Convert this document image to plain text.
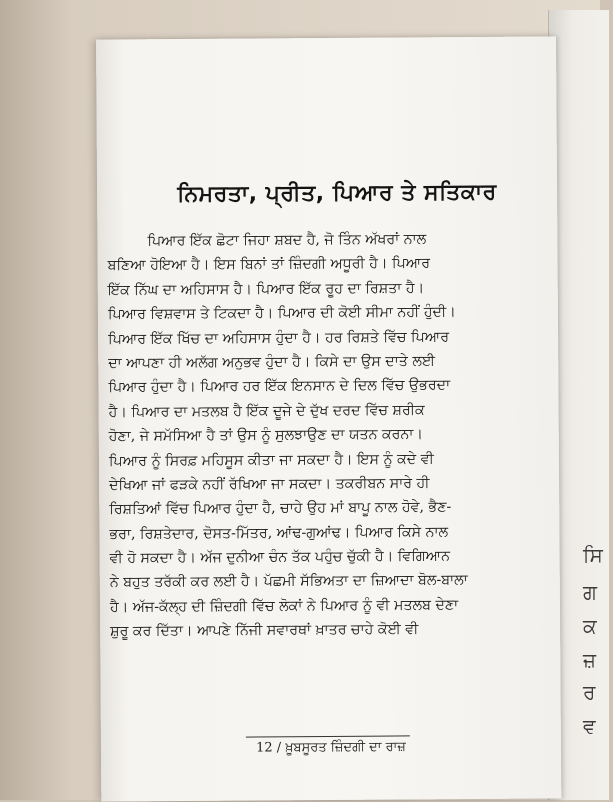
ਸਿ
ਗ
ਕ
ਜ਼
ਰ
ਵ
ਨਿਮਰਤਾ, ਪ੍ਰੀਤ, ਪਿਆਰ ਤੇ ਸਤਿਕਾਰ
ਪਿਆਰ ਇੱਕ ਛੋਟਾ ਜਿਹਾ ਸ਼ਬਦ ਹੈ, ਜੋ ਤਿੰਨ ਅੱਖਰਾਂ ਨਾਲ
ਬਣਿਆ ਹੋਇਆ ਹੈ। ਇਸ ਬਿਨਾਂ ਤਾਂ ਜ਼ਿੰਦਗੀ ਅਧੂਰੀ ਹੈ। ਪਿਆਰ
ਇੱਕ ਨਿੱਘ ਦਾ ਅਹਿਸਾਸ ਹੈ। ਪਿਆਰ ਇੱਕ ਰੂਹ ਦਾ ਰਿਸ਼ਤਾ ਹੈ।
ਪਿਆਰ ਵਿਸ਼ਵਾਸ ਤੇ ਟਿਕਦਾ ਹੈ। ਪਿਆਰ ਦੀ ਕੋਈ ਸੀਮਾ ਨਹੀਂ ਹੁੰਦੀ।
ਪਿਆਰ ਇੱਕ ਖਿੱਚ ਦਾ ਅਹਿਸਾਸ ਹੁੰਦਾ ਹੈ। ਹਰ ਰਿਸ਼ਤੇ ਵਿੱਚ ਪਿਆਰ
ਦਾ ਆਪਣਾ ਹੀ ਅਲੱਗ ਅਨੁਭਵ ਹੁੰਦਾ ਹੈ। ਕਿਸੇ ਦਾ ਉਸ ਦਾਤੇ ਲਈ
ਪਿਆਰ ਹੁੰਦਾ ਹੈ। ਪਿਆਰ ਹਰ ਇੱਕ ਇਨਸਾਨ ਦੇ ਦਿਲ ਵਿੱਚ ਉਭਰਦਾ
ਹੈ। ਪਿਆਰ ਦਾ ਮਤਲਬ ਹੈ ਇੱਕ ਦੂਜੇ ਦੇ ਦੁੱਖ ਦਰਦ ਵਿੱਚ ਸ਼ਰੀਕ
ਹੋਣਾ, ਜੇ ਸਮੱਸਿਆ ਹੈ ਤਾਂ ਉਸ ਨੂੰ ਸੁਲਝਾਉਣ ਦਾ ਯਤਨ ਕਰਨਾ।
ਪਿਆਰ ਨੂੰ ਸਿਰਫ਼ ਮਹਿਸੂਸ ਕੀਤਾ ਜਾ ਸਕਦਾ ਹੈ। ਇਸ ਨੂੰ ਕਦੇ ਵੀ
ਦੇਖਿਆ ਜਾਂ ਫੜਕੇ ਨਹੀਂ ਰੱਖਿਆ ਜਾ ਸਕਦਾ। ਤਕਰੀਬਨ ਸਾਰੇ ਹੀ
ਰਿਸ਼ਤਿਆਂ ਵਿੱਚ ਪਿਆਰ ਹੁੰਦਾ ਹੈ, ਚਾਹੇ ਉਹ ਮਾਂ ਬਾਪੂ ਨਾਲ ਹੋਵੇ, ਭੈਣ-
ਭਰਾ, ਰਿਸ਼ਤੇਦਾਰ, ਦੋਸਤ-ਮਿੱਤਰ, ਆਂਢ-ਗੁਆਂਢ। ਪਿਆਰ ਕਿਸੇ ਨਾਲ
ਵੀ ਹੋ ਸਕਦਾ ਹੈ। ਅੱਜ ਦੁਨੀਆ ਚੰਨ ਤੱਕ ਪਹੁੰਚ ਚੁੱਕੀ ਹੈ। ਵਿਗਿਆਨ
ਨੇ ਬਹੁਤ ਤਰੱਕੀ ਕਰ ਲਈ ਹੈ। ਪੱਛਮੀ ਸੱਭਿਅਤਾ ਦਾ ਜ਼ਿਆਦਾ ਬੋਲ-ਬਾਲਾ
ਹੈ। ਅੱਜ-ਕੱਲ੍ਹ ਦੀ ਜ਼ਿੰਦਗੀ ਵਿੱਚ ਲੋਕਾਂ ਨੇ ਪਿਆਰ ਨੂੰ ਵੀ ਮਤਲਬ ਦੇਣਾ
ਸ਼ੁਰੂ ਕਰ ਦਿੱਤਾ। ਆਪਣੇ ਨਿੱਜੀ ਸਵਾਰਥਾਂ ਖ਼ਾਤਰ ਚਾਹੇ ਕੋਈ ਵੀ
12 / ਖ਼ੂਬਸੂਰਤ ਜ਼ਿੰਦਗੀ ਦਾ ਰਾਜ਼
